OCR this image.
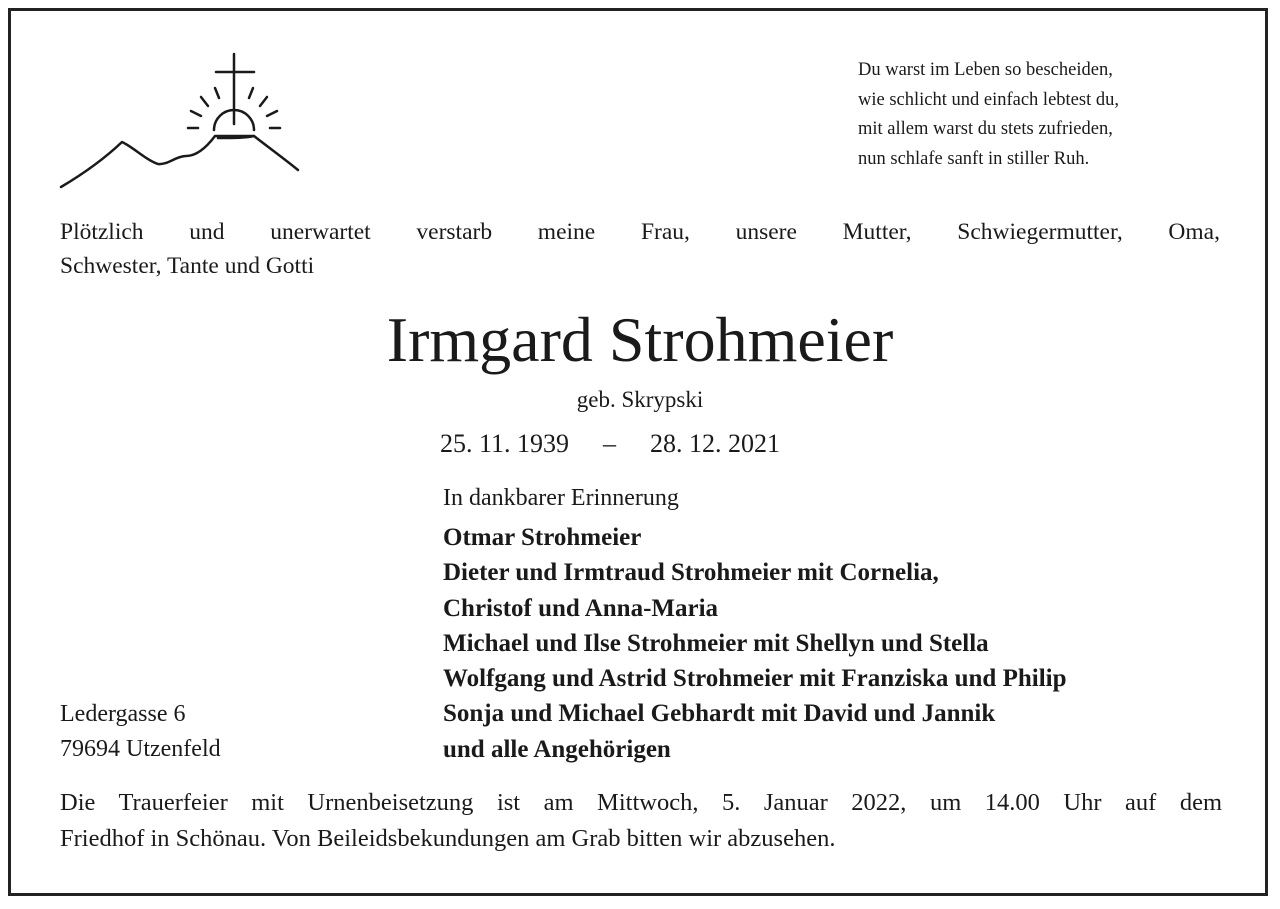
Du warst im Leben so bescheiden,
wie schlicht und einfach lebtest du,
mit allem warst du stets zufrieden,
nun schlafe sanft in stiller Ruh.
Plötzlich und unerwartet verstarb meine Frau, unsere Mutter, Schwiegermutter, Oma,
Schwester, Tante und Gotti
Irmgard Strohmeier
geb. Skrypski
25. 11. 1939 – 28. 12. 2021
In dankbarer Erinnerung
Otmar Strohmeier
Dieter und Irmtraud Strohmeier mit Cornelia,
Christof und Anna-Maria
Michael und Ilse Strohmeier mit Shellyn und Stella
Wolfgang und Astrid Strohmeier mit Franziska und Philip
Sonja und Michael Gebhardt mit David und Jannik
und alle Angehörigen
Ledergasse 6
79694 Utzenfeld
Die Trauerfeier mit Urnenbeisetzung ist am Mittwoch, 5. Januar 2022, um 14.00 Uhr auf dem
Friedhof in Schönau. Von Beileidsbekundungen am Grab bitten wir abzusehen.
